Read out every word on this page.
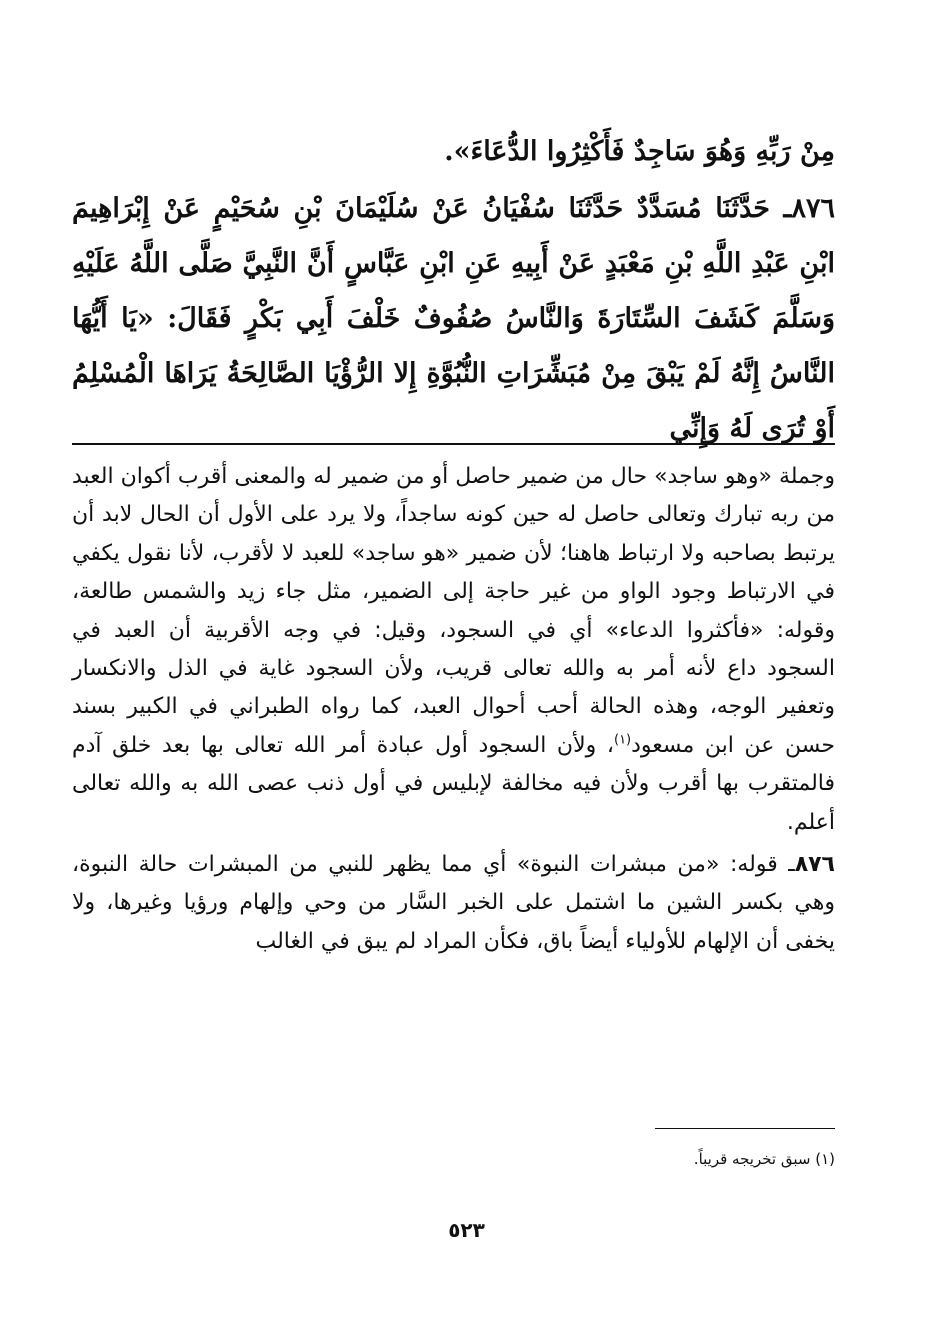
مِنْ رَبِّهِ وَهُوَ سَاجِدٌ فَأَكْثِرُوا الدُّعَاءَ».

٨٧٦ـ حَدَّثَنَا مُسَدَّدٌ حَدَّثَنَا سُفْيَانُ عَنْ سُلَيْمَانَ بْنِ سُحَيْمٍ عَنْ إِبْرَاهِيمَ ابْنِ عَبْدِ اللَّهِ بْنِ مَعْبَدٍ عَنْ أَبِيهِ عَنِ ابْنِ عَبَّاسٍ أَنَّ النَّبِيَّ صَلَّى اللَّهُ عَلَيْهِ وَسَلَّمَ كَشَفَ السِّتَارَةَ وَالنَّاسُ صُفُوفٌ خَلْفَ أَبِي بَكْرٍ فَقَالَ: «يَا أَيُّهَا النَّاسُ إِنَّهُ لَمْ يَبْقَ مِنْ مُبَشِّرَاتِ النُّبُوَّةِ إِلا الرُّؤْيَا الصَّالِحَةُ يَرَاهَا الْمُسْلِمُ أَوْ تُرَى لَهُ وَإِنِّي

وجملة «وهو ساجد» حال من ضمير حاصل أو من ضمير له والمعنى أقرب أكوان العبد من ربه تبارك وتعالى حاصل له حين كونه ساجداً، ولا يرد على الأول أن الحال لابد أن يرتبط بصاحبه ولا ارتباط هاهنا؛ لأن ضمير «هو ساجد» للعبد لا لأقرب، لأنا نقول يكفي في الارتباط وجود الواو من غير حاجة إلى الضمير، مثل جاء زيد والشمس طالعة، وقوله: «فأكثروا الدعاء» أي في السجود، وقيل: في وجه الأقربية أن العبد في السجود داع لأنه أمر به والله تعالى قريب، ولأن السجود غاية في الذل والانكسار وتعفير الوجه، وهذه الحالة أحب أحوال العبد، كما رواه الطبراني في الكبير بسند حسن عن ابن مسعود$^{(١)}$، ولأن السجود أول عبادة أمر الله تعالى بها بعد خلق آدم فالمتقرب بها أقرب ولأن فيه مخالفة لإبليس في أول ذنب عصى الله به والله تعالى أعلم.

٨٧٦ـ قوله: «من مبشرات النبوة» أي مما يظهر للنبي من المبشرات حالة النبوة، وهي بكسر الشين ما اشتمل على الخبر السَّار من وحي وإلهام ورؤيا وغيرها، ولا يخفى أن الإلهام للأولياء أيضاً باق، فكأن المراد لم يبق في الغالب

(١) سبق تخريجه قريباً.
٥٢٣
